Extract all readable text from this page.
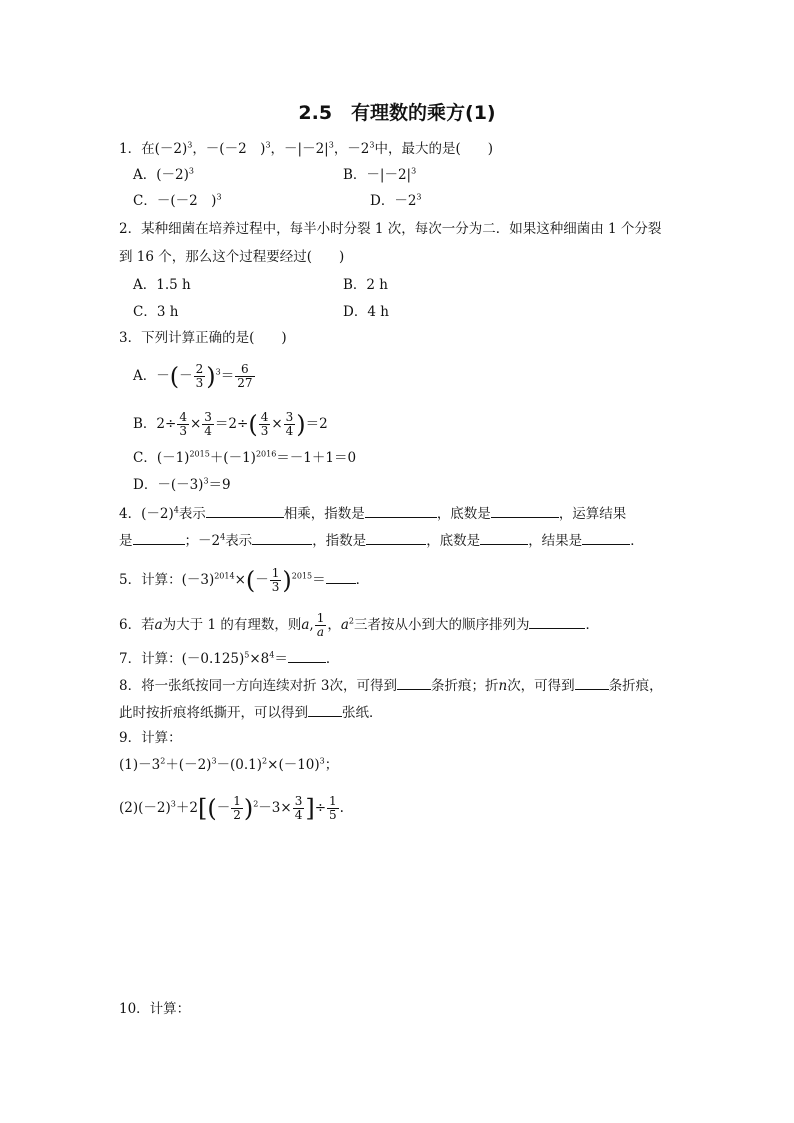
2.5　有理数的乘方(1)
1．在$(-2)^3$，－(－2　)$^3$，$-|-2|^3$，$-2^3$中，最大的是(　　)
A．$(-2)^3$	B．$-|-2|^3$
C．－(－2　)$^3$	D．$-2^3$
2．某种细菌在培养过程中，每半小时分裂 1 次，每次一分为二．如果这种细菌由 1 个分裂
到 16 个，那么这个过程要经过(　　)
A．1.5 h	B．2 h
C．3 h	D．4 h
3．下列计算正确的是(　　)
A．－(－ $\frac{2}{3} )^3= \frac{6}{27}$
B．$2\div \frac{4}{3} \times \frac{3}{4} =2\div( \frac{4}{3} \times \frac{3}{4} )=2$
C．$(-1)^{2015}+(-1)^{2016}=-1+1=0$
D．$-(-3)^3=9$
4．$(-2)^4$表示	相乘，指数是	，底数是	，运算结果
是	；$-2^4$表示	，指数是	，底数是	，结果是	．
5．计算：$(-3)^{2014}\times(- \frac{1}{3} )^{2015}=$ ．
6．若a为大于 1 的有理数，则a, $\frac{1}{a}$ ，$a^2$三者按从小到大的顺序排列为	．
7．计算：$(-0.125)^5\times 8^4=$	．
8．将一张纸按同一方向连续对折 3次，可得到	条折痕；折n次，可得到	条折痕，
此时按折痕将纸撕开，可以得到	张纸．
9．计算：
$(1)-3^2+(-2)^3-(0.1)^2\times(-10)^3$；
$(2)(-2)^3+2[(- \frac{1}{2} )^2-3\times \frac{3}{4}$ ]÷ $\frac{1}{5}$ .
10．计算：
